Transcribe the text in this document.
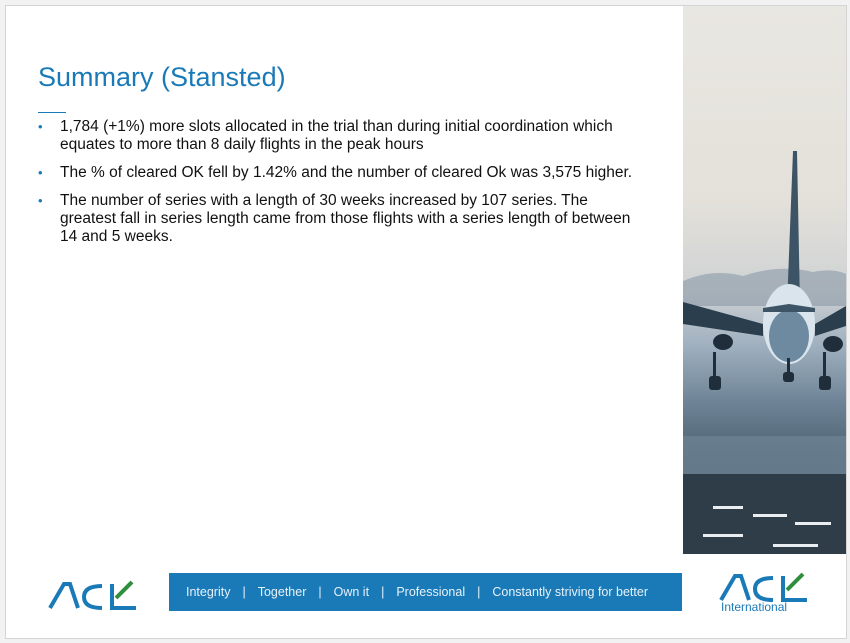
Summary (Stansted)
• 1,784 (+1%) more slots allocated in the trial than during initial coordination which equates to more than 8 daily flights in the peak hours
• The % of cleared OK fell by 1.42% and the number of cleared Ok was 3,575 higher.
• The number of series with a length of 30 weeks increased by 107 series. The greatest fall in series length came from those flights with a series length of between 14 and 5 weeks.
Integrity | Together | Own it | Professional | Constantly striving for better
International
